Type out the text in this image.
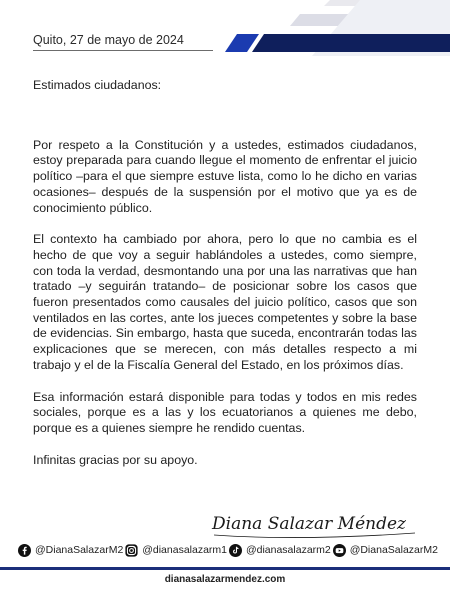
Quito, 27 de mayo de 2024

Estimados ciudadanos:

Por respeto a la Constitución y a ustedes, estimados ciudadanos, estoy preparada para cuando llegue el momento de enfrentar el juicio político –para el que siempre estuve lista, como lo he dicho en varias ocasiones– después de la suspensión por el motivo que ya es de conocimiento público.

El contexto ha cambiado por ahora, pero lo que no cambia es el hecho de que voy a seguir hablándoles a ustedes, como siempre, con toda la verdad, desmontando una por una las narrativas que han tratado –y seguirán tratando– de posicionar sobre los casos que fueron presentados como causales del juicio político, casos que son ventilados en las cortes, ante los jueces competentes y sobre la base de evidencias. Sin embargo, hasta que suceda, encontrarán todas las explicaciones que se merecen, con más detalles respecto a mi trabajo y el de la Fiscalía General del Estado, en los próximos días.

Esa información estará disponible para todas y todos en mis redes sociales, porque es a las y los ecuatorianos a quienes me debo, porque es a quienes siempre he rendido cuentas.

Infinitas gracias por su apoyo.

Diana Salazar Méndez
@DianaSalazarM2 @dianasalazarm1 @dianasalazarm2 @DianaSalazarM2
dianasalazarmendez.com
